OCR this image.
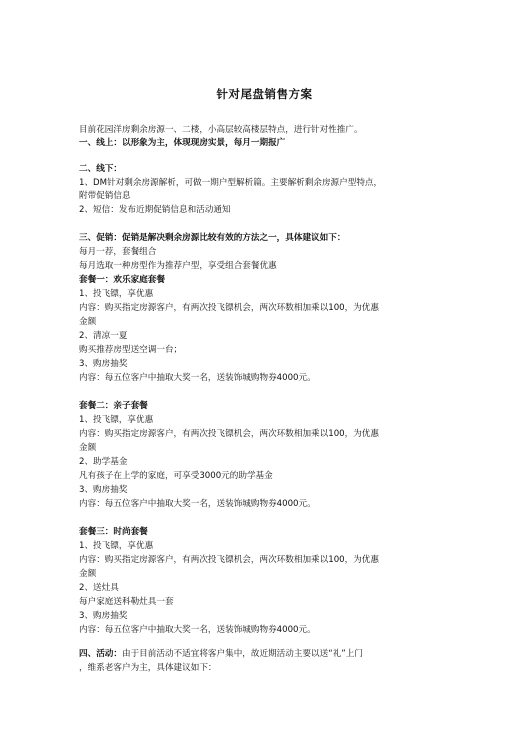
针对尾盘销售方案
目前花园洋房剩余房源一、二楼，小高层较高楼层特点，进行针对性推广。
一、线上：以形象为主，体现现房实景，每月一期报广
二、线下：
1、DM针对剩余房源解析，可做一期户型解析篇。主要解析剩余房源户型特点，
附带促销信息
2、短信：发布近期促销信息和活动通知
三、促销：促销是解决剩余房源比较有效的方法之一，具体建议如下：
每月一荐，套餐组合
每月选取一种房型作为推荐户型，享受组合套餐优惠
套餐一：欢乐家庭套餐
1、投飞镖，享优惠
内容：购买指定房源客户，有两次投飞镖机会，两次环数相加乘以100，为优惠
金额
2、清凉一夏
购买推荐房型送空调一台；
3、购房抽奖
内容：每五位客户中抽取大奖一名，送装饰城购物券4000元。
套餐二：亲子套餐
1、投飞镖，享优惠
内容：购买指定房源客户，有两次投飞镖机会，两次环数相加乘以100，为优惠
金额
2、助学基金
凡有孩子在上学的家庭，可享受3000元的助学基金
3、购房抽奖
内容：每五位客户中抽取大奖一名，送装饰城购物券4000元。
套餐三：时尚套餐
1、投飞镖，享优惠
内容：购买指定房源客户，有两次投飞镖机会，两次环数相加乘以100，为优惠
金额
2、送灶具
每户家庭送科勒灶具一套
3、购房抽奖
内容：每五位客户中抽取大奖一名，送装饰城购物券4000元。
四、活动：由于目前活动不适宜将客户集中，故近期活动主要以送“礼”上门
，维系老客户为主，具体建议如下：
